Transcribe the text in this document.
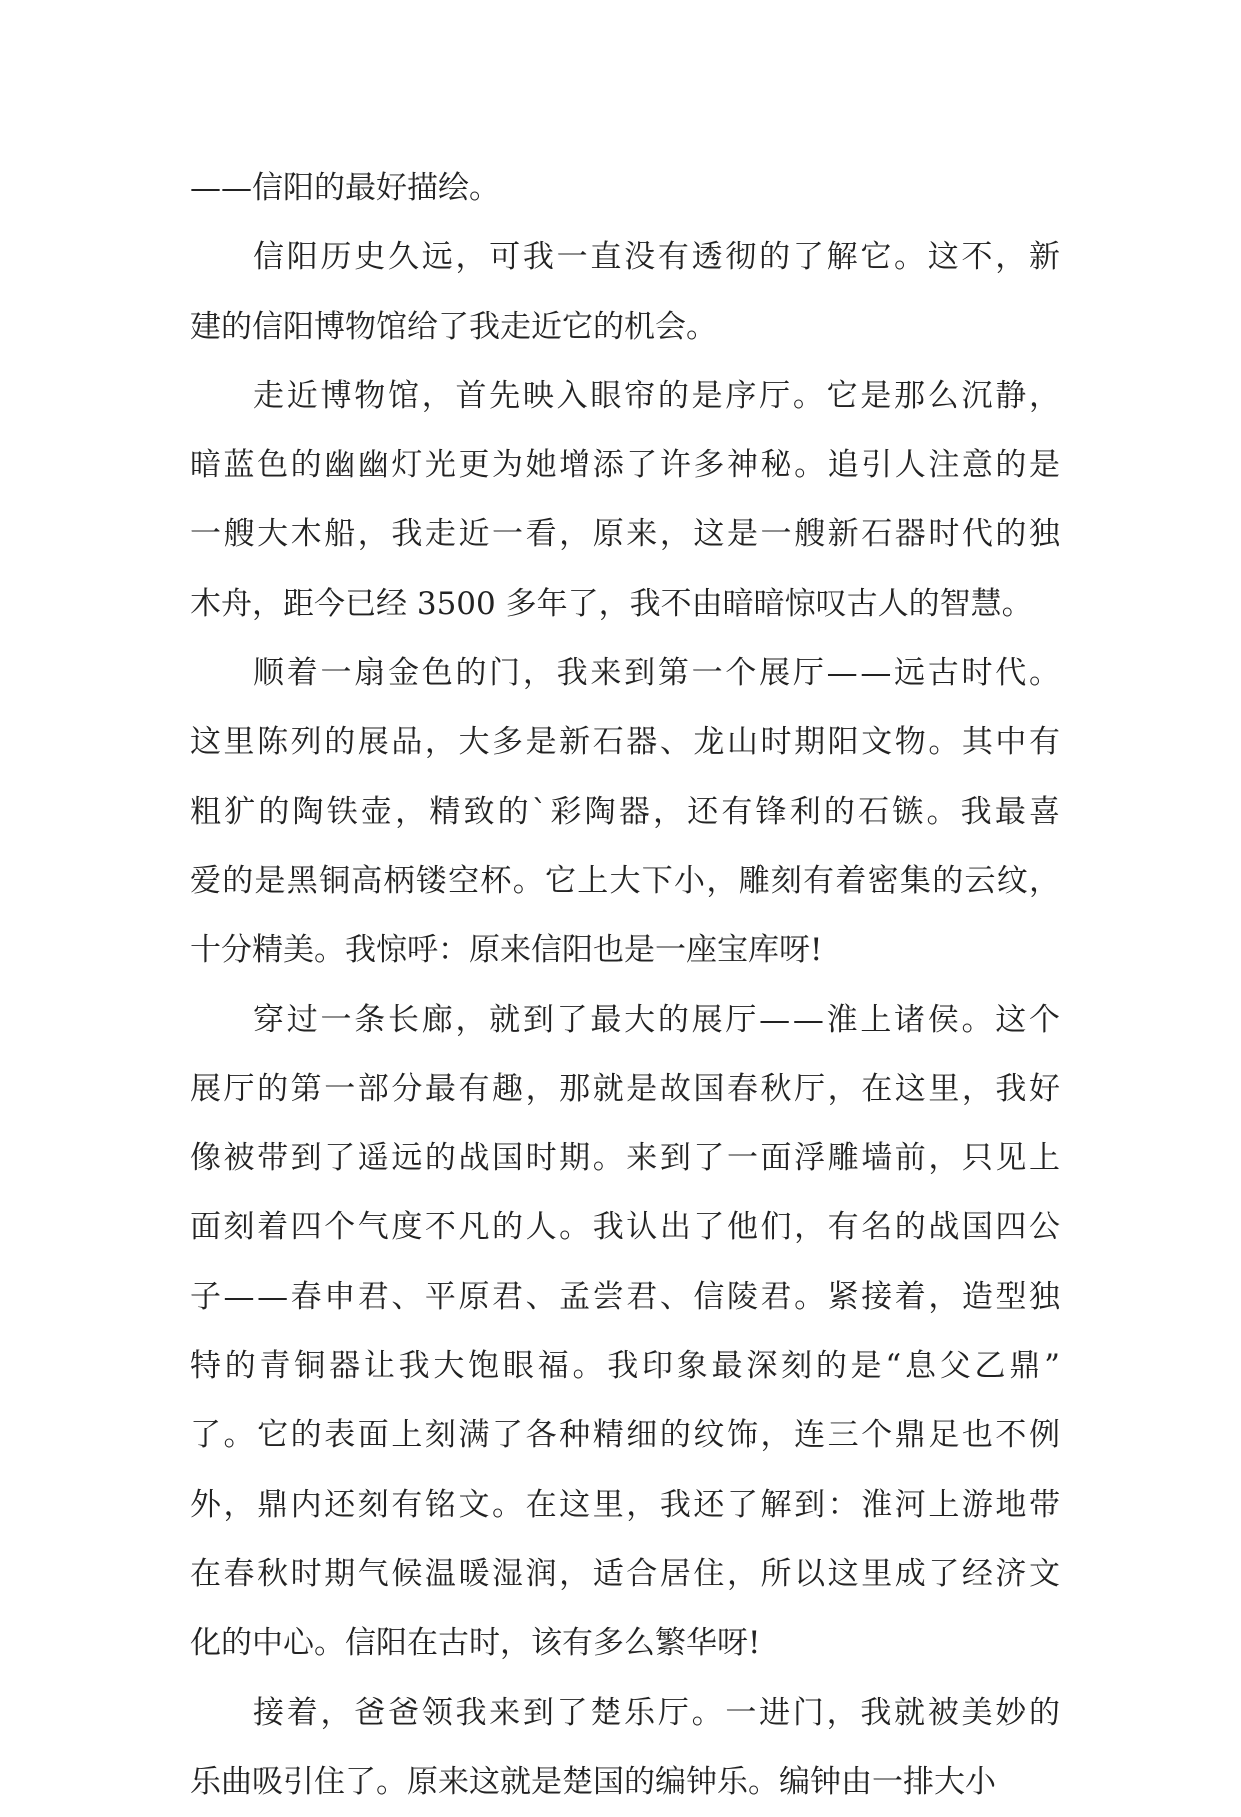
——信阳的最好描绘。
信阳历史久远，可我一直没有透彻的了解它。这不，新
建的信阳博物馆给了我走近它的机会。
走近博物馆，首先映入眼帘的是序厅。它是那么沉静，
暗蓝色的幽幽灯光更为她增添了许多神秘。追引人注意的是
一艘大木船，我走近一看，原来，这是一艘新石器时代的独
木舟，距今已经 3500 多年了，我不由暗暗惊叹古人的智慧。
顺着一扇金色的门，我来到第一个展厅——远古时代。
这里陈列的展品，大多是新石器、龙山时期阳文物。其中有
粗犷的陶铁壶，精致的`彩陶器，还有锋利的石镞。我最喜
爱的是黑铜高柄镂空杯。它上大下小，雕刻有着密集的云纹，
十分精美。我惊呼：原来信阳也是一座宝库呀!
穿过一条长廊，就到了最大的展厅——淮上诸侯。这个
展厅的第一部分最有趣，那就是故国春秋厅，在这里，我好
像被带到了遥远的战国时期。来到了一面浮雕墙前，只见上
面刻着四个气度不凡的人。我认出了他们，有名的战国四公
子——春申君、平原君、孟尝君、信陵君。紧接着，造型独
特的青铜器让我大饱眼福。我印象最深刻的是“息父乙鼎”
了。它的表面上刻满了各种精细的纹饰，连三个鼎足也不例
外，鼎内还刻有铭文。在这里，我还了解到：淮河上游地带
在春秋时期气候温暖湿润，适合居住，所以这里成了经济文
化的中心。信阳在古时，该有多么繁华呀!
接着，爸爸领我来到了楚乐厅。一进门，我就被美妙的
乐曲吸引住了。原来这就是楚国的编钟乐。编钟由一排大小
